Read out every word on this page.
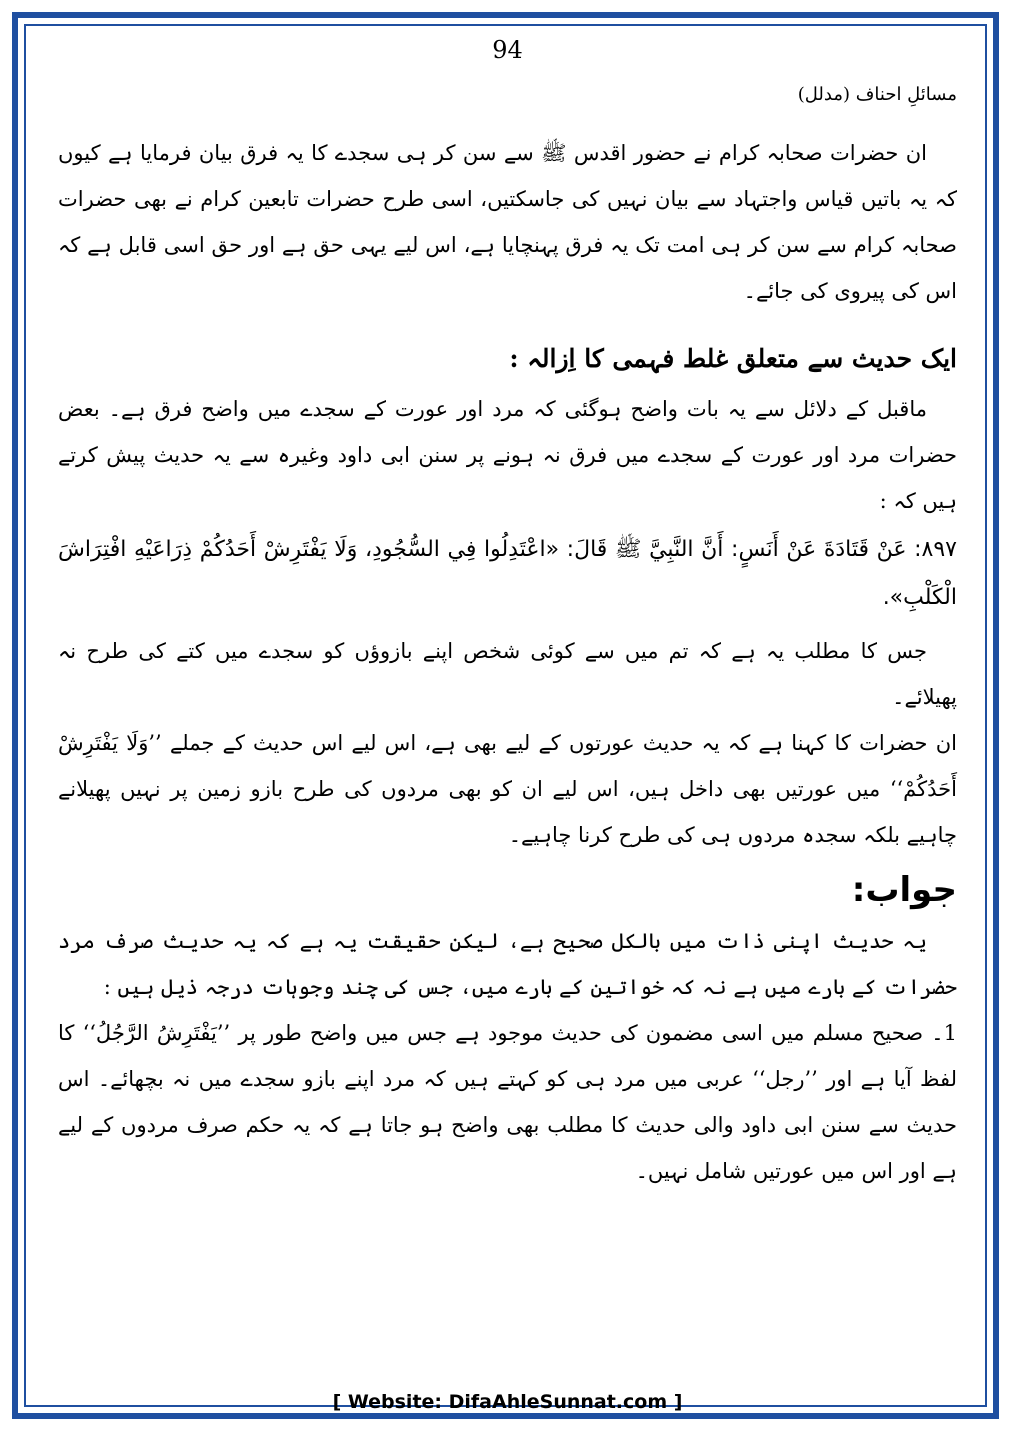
94
مسائلِ احناف (مدلل)

ان حضرات صحابہ کرام نے حضور اقدس ﷺ سے سن کر ہی سجدے کا یہ فرق بیان فرمایا ہے کیوں کہ یہ باتیں قیاس واجتہاد سے بیان نہیں کی جاسکتیں، اسی طرح حضرات تابعین کرام نے بھی حضرات صحابہ کرام سے سن کر ہی امت تک یہ فرق پہنچایا ہے، اس لیے یہی حق ہے اور حق اسی قابل ہے کہ اس کی پیروی کی جائے۔

ایک حدیث سے متعلق غلط فہمی کا اِزالہ :

ماقبل کے دلائل سے یہ بات واضح ہوگئی کہ مرد اور عورت کے سجدے میں واضح فرق ہے۔ بعض حضرات مرد اور عورت کے سجدے میں فرق نہ ہونے پر سنن ابی داود وغیرہ سے یہ حدیث پیش کرتے ہیں کہ :

٨٩٧: عَنْ قَتَادَةَ عَنْ أَنَسٍ: أَنَّ النَّبِيَّ ﷺ قَالَ: «اعْتَدِلُوا فِي السُّجُودِ، وَلَا يَفْتَرِشْ أَحَدُكُمْ ذِرَاعَيْهِ افْتِرَاشَ الْكَلْبِ».

جس کا مطلب یہ ہے کہ تم میں سے کوئی شخص اپنے بازوؤں کو سجدے میں کتے کی طرح نہ پھیلائے۔

ان حضرات کا کہنا ہے کہ یہ حدیث عورتوں کے لیے بھی ہے، اس لیے اس حدیث کے جملے ’’وَلَا يَفْتَرِشْ أَحَدُكُمْ‘‘ میں عورتیں بھی داخل ہیں، اس لیے ان کو بھی مردوں کی طرح بازو زمین پر نہیں پھیلانے چاہیے بلکہ سجدہ مردوں ہی کی طرح کرنا چاہیے۔

جواب:

یہ حدیث اپنی ذات میں بالکل صحیح ہے، لیکن حقیقت یہ ہے کہ یہ حدیث صرف مرد حضرات کے بارے میں ہے نہ کہ خواتین کے بارے میں، جس کی چند وجوہات درجہ ذیل ہیں :

1۔ صحیح مسلم میں اسی مضمون کی حدیث موجود ہے جس میں واضح طور پر ’’يَفْتَرِشُ الرَّجُلُ‘‘ کا لفظ آیا ہے اور ’’رجل‘‘ عربی میں مرد ہی کو کہتے ہیں کہ مرد اپنے بازو سجدے میں نہ بچھائے۔ اس حدیث سے سنن ابی داود والی حدیث کا مطلب بھی واضح ہو جاتا ہے کہ یہ حکم صرف مردوں کے لیے ہے اور اس میں عورتیں شامل نہیں۔

[ Website: DifaAhleSunnat.com ]
